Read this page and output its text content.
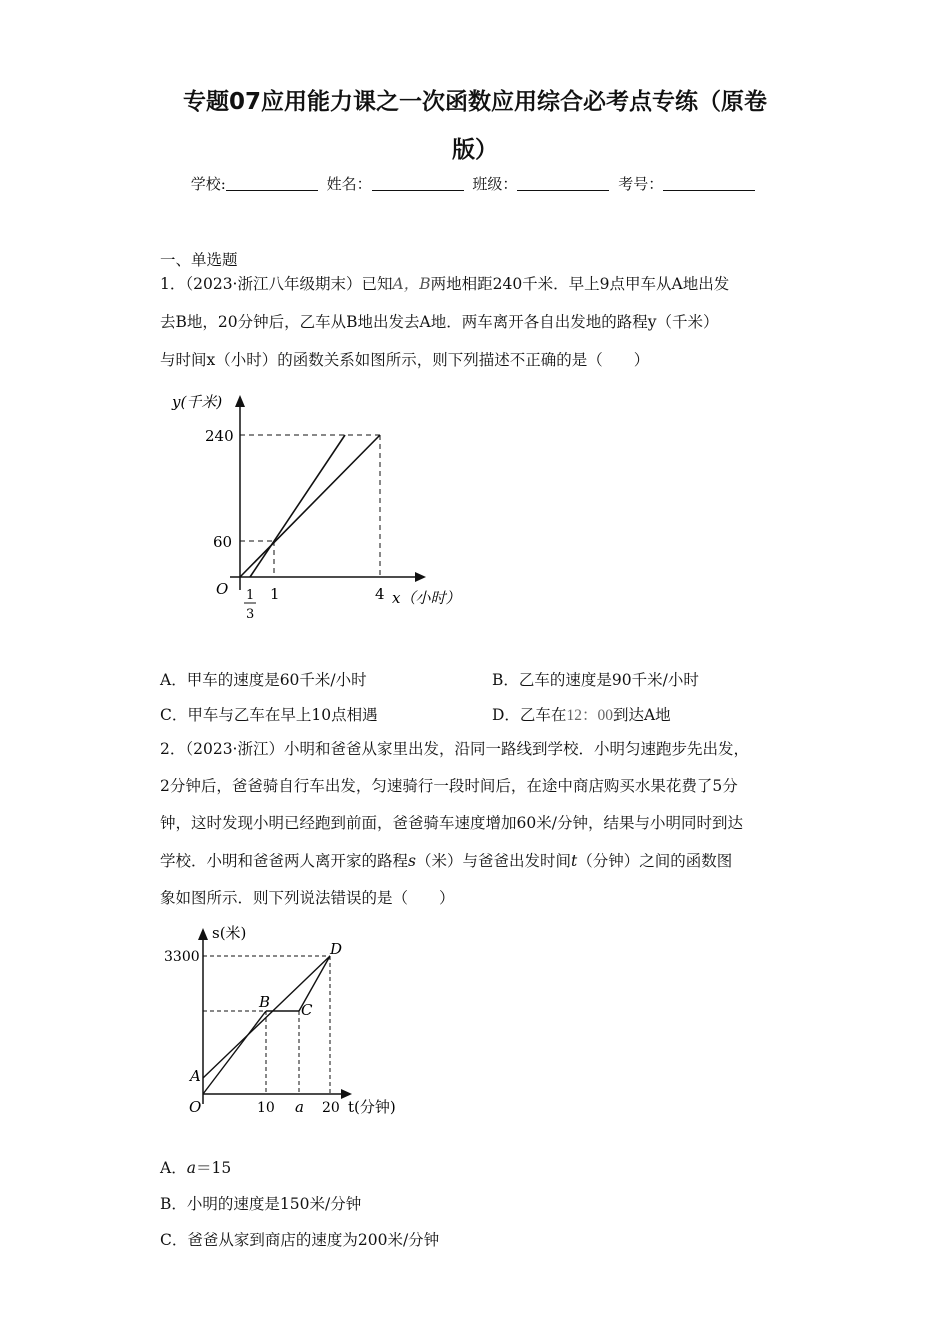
专题07应用能力课之一次函数应用综合必考点专练（原卷
版）
学校:	姓名：	班级：	考号：
一、单选题
1．（2023·浙江八年级期末）已知A，B两地相距240千米．早上9点甲车从A地出发
去B地，20分钟后，乙车从B地出发去A地．两车离开各自出发地的路程y（千米）
与时间x（小时）的函数关系如图所示，则下列描述不正确的是（　　）
y(千米)
240
60
O 1
3
1	4 x（小时）
A．甲车的速度是60千米/小时	B．乙车的速度是90千米/小时
C．甲车与乙车在早上10点相遇	D．乙车在12：00到达A地
2．（2023·浙江）小明和爸爸从家里出发，沿同一路线到学校．小明匀速跑步先出发，
2分钟后，爸爸骑自行车出发，匀速骑行一段时间后，在途中商店购买水果花费了5分
钟，这时发现小明已经跑到前面，爸爸骑车速度增加60米/分钟，结果与小明同时到达
学校．小明和爸爸两人离开家的路程s（米）与爸爸出发时间t（分钟）之间的函数图
象如图所示．则下列说法错误的是（　　）
s(米)
3300
A
B C
D
O	10 a 20 t(分钟)
A．a＝15
B．小明的速度是150米/分钟
C．爸爸从家到商店的速度为200米/分钟
